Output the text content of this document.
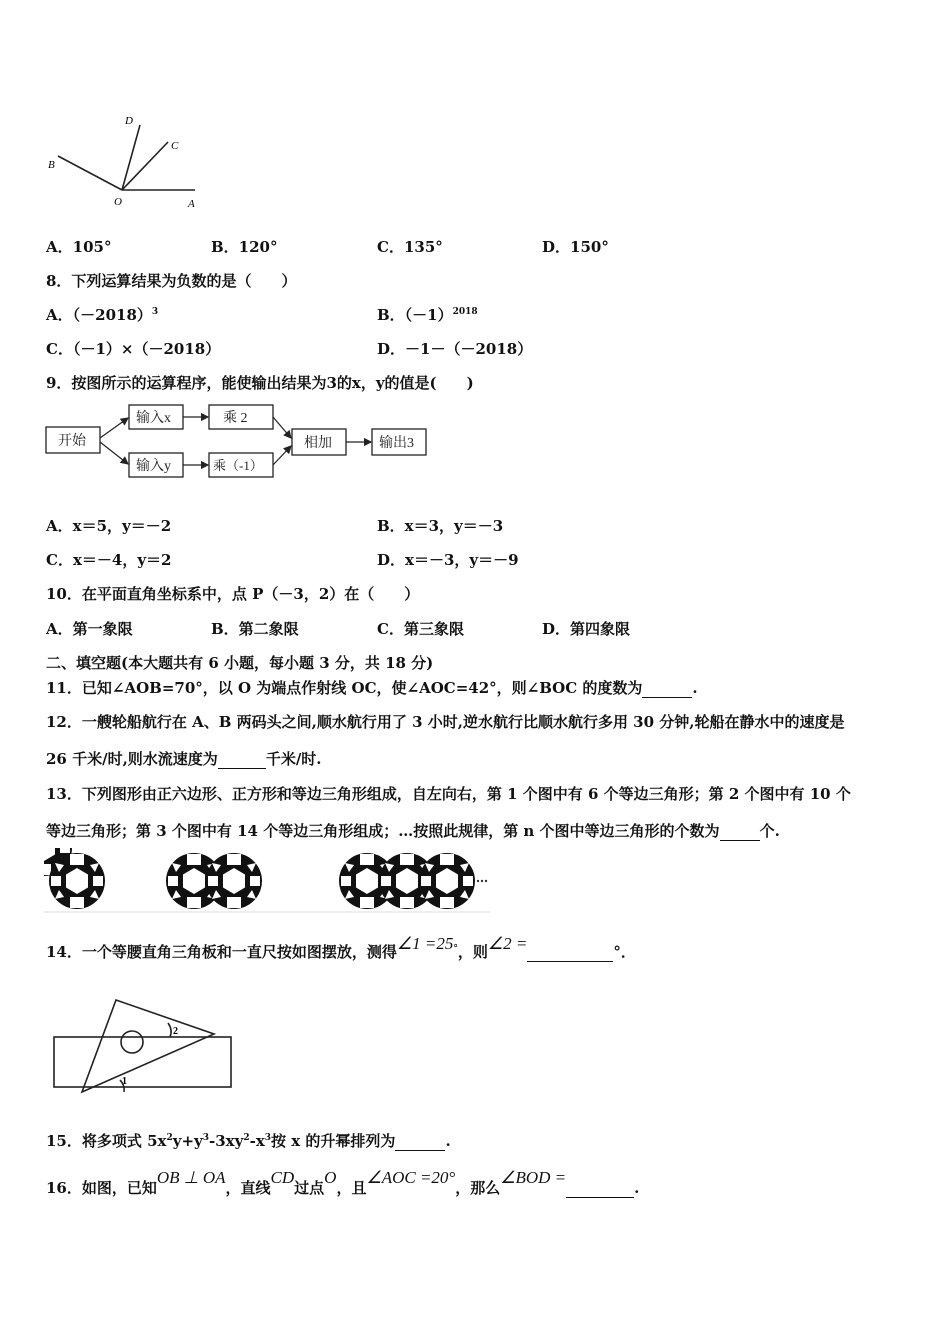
D
C
B
O	A
A．105°	B．120°	C．135°	D．150°
8．下列运算结果为负数的是（　　）
A．$(-2018)^3$	B．$(-1)^{2018}$
C．（－1）×（－2018）	D．－1－（－2018）
9．按图所示的运算程序，能使输出结果为3的x，y的值是(　　)
开始
输入x	乘 2
输入y	乘（-1）
相加	输出3
A．x＝5，y＝－2	B．x＝3，y＝－3
C．x＝－4，y＝2	D．x＝－3，y＝－9
10．在平面直角坐标系中，点 P（－3，2）在（　　）
A．第一象限	B．第二象限	C．第三象限	D．第四象限
二、填空题(本大题共有 6 小题，每小题 3 分，共 18 分)
11．已知∠AOB=70°，以 O 为端点作射线 OC，使∠AOC=42°，则∠BOC 的度数为	.
12．一艘轮船航行在 A、B 两码头之间,顺水航行用了 3 小时,逆水航行比顺水航行多用 30 分钟,轮船在静水中的速度是
26 千米/时,则水流速度为	千米/时.
13．下列图形由正六边形、正方形和等边三角形组成，自左向右，第 1 个图中有 6 个等边三角形；第 2 个图中有 10 个
等边三角形；第 3 个图中有 14 个等边三角形组成；…按照此规律，第 n 个图中等边三角形的个数为	个.
14．一个等腰直角三角板和一直尺按如图摆放，测得∠1 =25°，则∠2 =	°．
2
1
15．将多项式 $5x^2y+y^3-3xy^2-x^3$按 x 的升幂排列为	.
16．如图，已知OB ⊥ OA，直线CD过点O，且∠AOC =20°，那么∠BOD = .
